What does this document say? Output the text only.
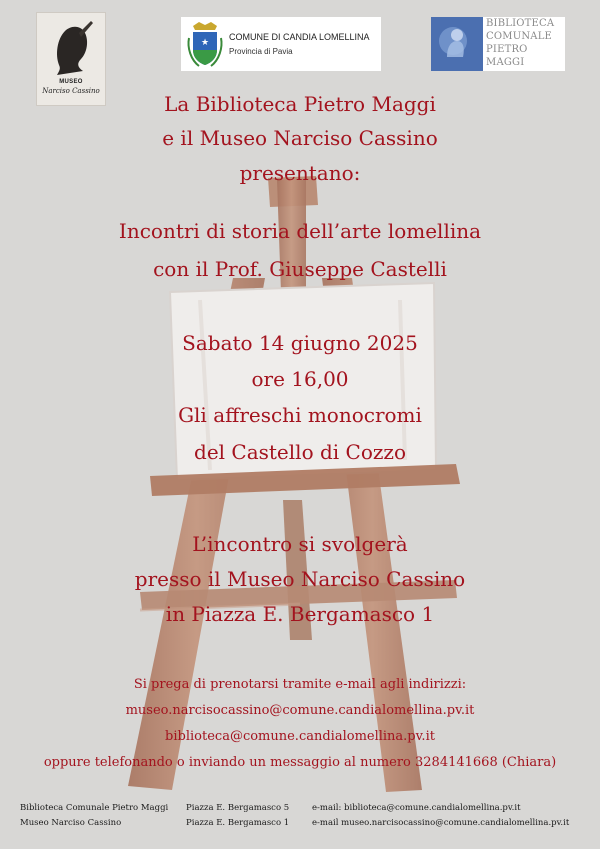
MUSEO
Narciso Cassino
★
COMUNE DI CANDIA LOMELLINA
Provincia di Pavia
BIBLIOTECA
COMUNALE
PIETRO
MAGGI
La Biblioteca Pietro Maggi
e il Museo Narciso Cassino
presentano:
Incontri di storia dell’arte lomellina
con il Prof. Giuseppe Castelli
Sabato 14 giugno 2025
ore 16,00
Gli affreschi monocromi
del Castello di Cozzo
L’incontro si svolgerà
presso il Museo Narciso Cassino
in Piazza E. Bergamasco 1
Si prega di prenotarsi tramite e-mail agli indirizzi:
museo.narcisocassino@comune.candialomellina.pv.it
biblioteca@comune.candialomellina.pv.it
oppure telefonando o inviando un messaggio al numero 3284141668 (Chiara)
Biblioteca Comunale Pietro Maggi
Museo Narciso Cassino
Piazza E. Bergamasco 5
Piazza E. Bergamasco 1
e-mail: biblioteca@comune.candialomellina.pv.it
e-mail museo.narcisocassino@comune.candialomellina.pv.it
